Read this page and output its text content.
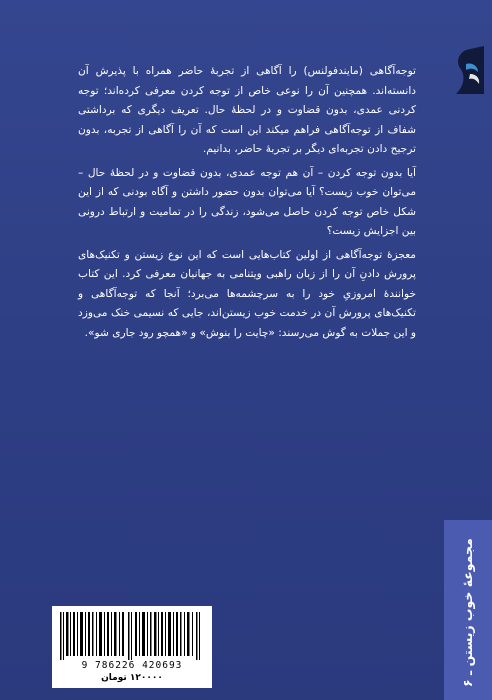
توجه‌آگاهی (مایندفولنس) را آگاهی از تجربۀ حاضر همراه با پذیرش آن دانسته‌اند. همچنین آن را نوعی خاص از توجه کردن معرفی کرده‌اند؛ توجه کردنی عمدی، بدون قضاوت و در لحظۀ حال. تعریف دیگری که برداشتی شفاف از توجه‌آگاهی فراهم میکند این است که آن را آگاهی از تجربه، بدون ترجیح دادن تجربه‌ای دیگر بر تجربۀ حاضر، بدانیم.

آیا بدون توجه کردن – آن هم توجه عمدی، بدون قضاوت و در لحظۀ حال – می‌توان خوب زیست؟ آیا می‌توان بدون حضور داشتن و آگاه بودنی که از این شکل خاص توجه کردن حاصل می‌شود، زندگی را در تمامیت و ارتباط درونی بین اجزایش زیست؟

معجزۀ توجه‌آگاهی از اولین کتاب‌هایی است که این نوع زیستن و تکنیک‌های پرورش دادنِ آن را از زبان راهبی ویتنامی به جهانیان معرفی کرد. این کتاب خوانندۀ امروزیِ خود را به سرچشمه‌ها می‌برد؛ آنجا که توجه‌آگاهی و تکنیک‌های پرورش آن در خدمت خوب زیستن‌اند، جایی که نسیمی خنک می‌وزد و این جملات به گوش می‌رسند: «چایت را بنوش» و «همچو رود جاری شو».

مجموعۀ خوب زیستن ـ ۶
9 786226 420693
۱۲۰۰۰۰ تومان
